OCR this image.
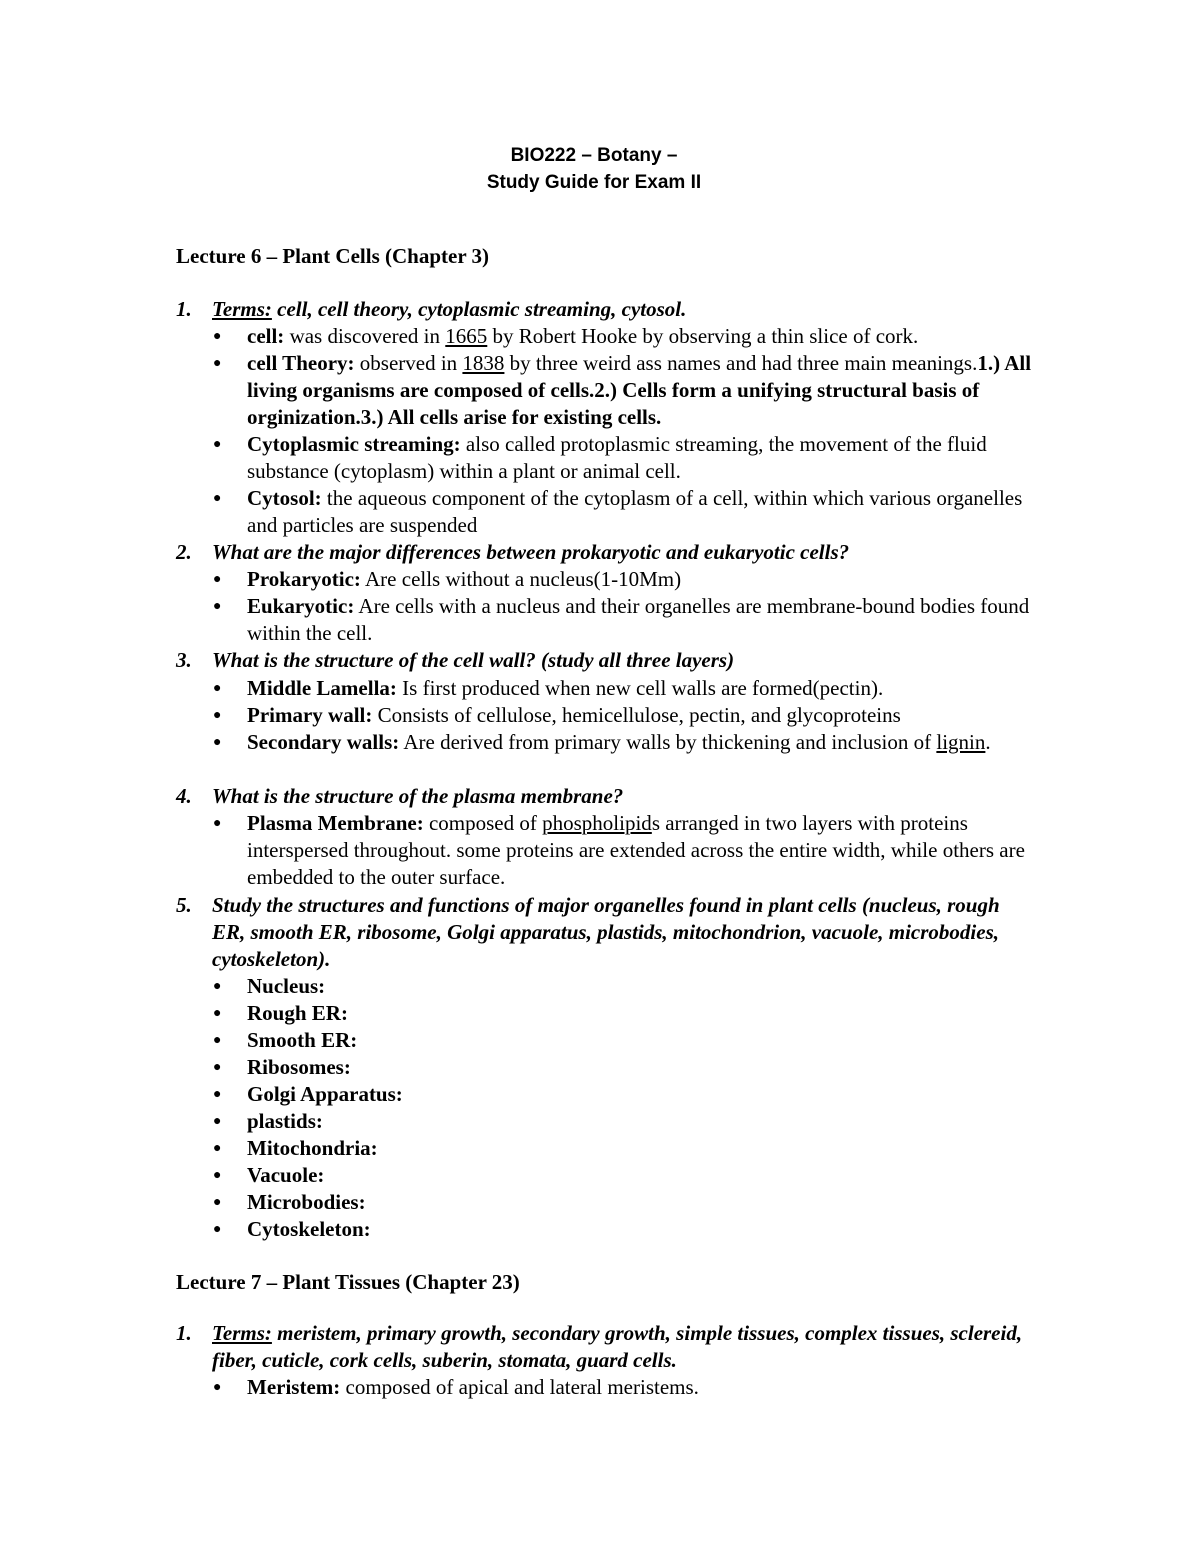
BIO222 – Botany –
Study Guide for Exam II
Lecture 6 – Plant Cells (Chapter 3)
1. Terms: cell, cell theory, cytoplasmic streaming, cytosol.
● cell: was discovered in 1665 by Robert Hooke by observing a thin slice of cork.
● cell Theory: observed in 1838 by three weird ass names and had three main meanings.1.) All living organisms are composed of cells.2.) Cells form a unifying structural basis of orginization.3.) All cells arise for existing cells.
● Cytoplasmic streaming: also called protoplasmic streaming, the movement of the fluid substance (cytoplasm) within a plant or animal cell.
● Cytosol: the aqueous component of the cytoplasm of a cell, within which various organelles and particles are suspended
2. What are the major differences between prokaryotic and eukaryotic cells?
● Prokaryotic: Are cells without a nucleus(1-10Mm)
● Eukaryotic: Are cells with a nucleus and their organelles are membrane-bound bodies found within the cell.
3. What is the structure of the cell wall? (study all three layers)
● Middle Lamella: Is first produced when new cell walls are formed(pectin).
● Primary wall: Consists of cellulose, hemicellulose, pectin, and glycoproteins
● Secondary walls: Are derived from primary walls by thickening and inclusion of lignin.
4. What is the structure of the plasma membrane?
● Plasma Membrane: composed of phospholipids arranged in two layers with proteins interspersed throughout. some proteins are extended across the entire width, while others are embedded to the outer surface.
5. Study the structures and functions of major organelles found in plant cells (nucleus, rough ER, smooth ER, ribosome, Golgi apparatus, plastids, mitochondrion, vacuole, microbodies, cytoskeleton).
● Nucleus:
● Rough ER:
● Smooth ER:
● Ribosomes:
● Golgi Apparatus:
● plastids:
● Mitochondria:
● Vacuole:
● Microbodies:
● Cytoskeleton:
Lecture 7 – Plant Tissues (Chapter 23)
1. Terms: meristem, primary growth, secondary growth, simple tissues, complex tissues, sclereid, fiber, cuticle, cork cells, suberin, stomata, guard cells.
● Meristem: composed of apical and lateral meristems.
